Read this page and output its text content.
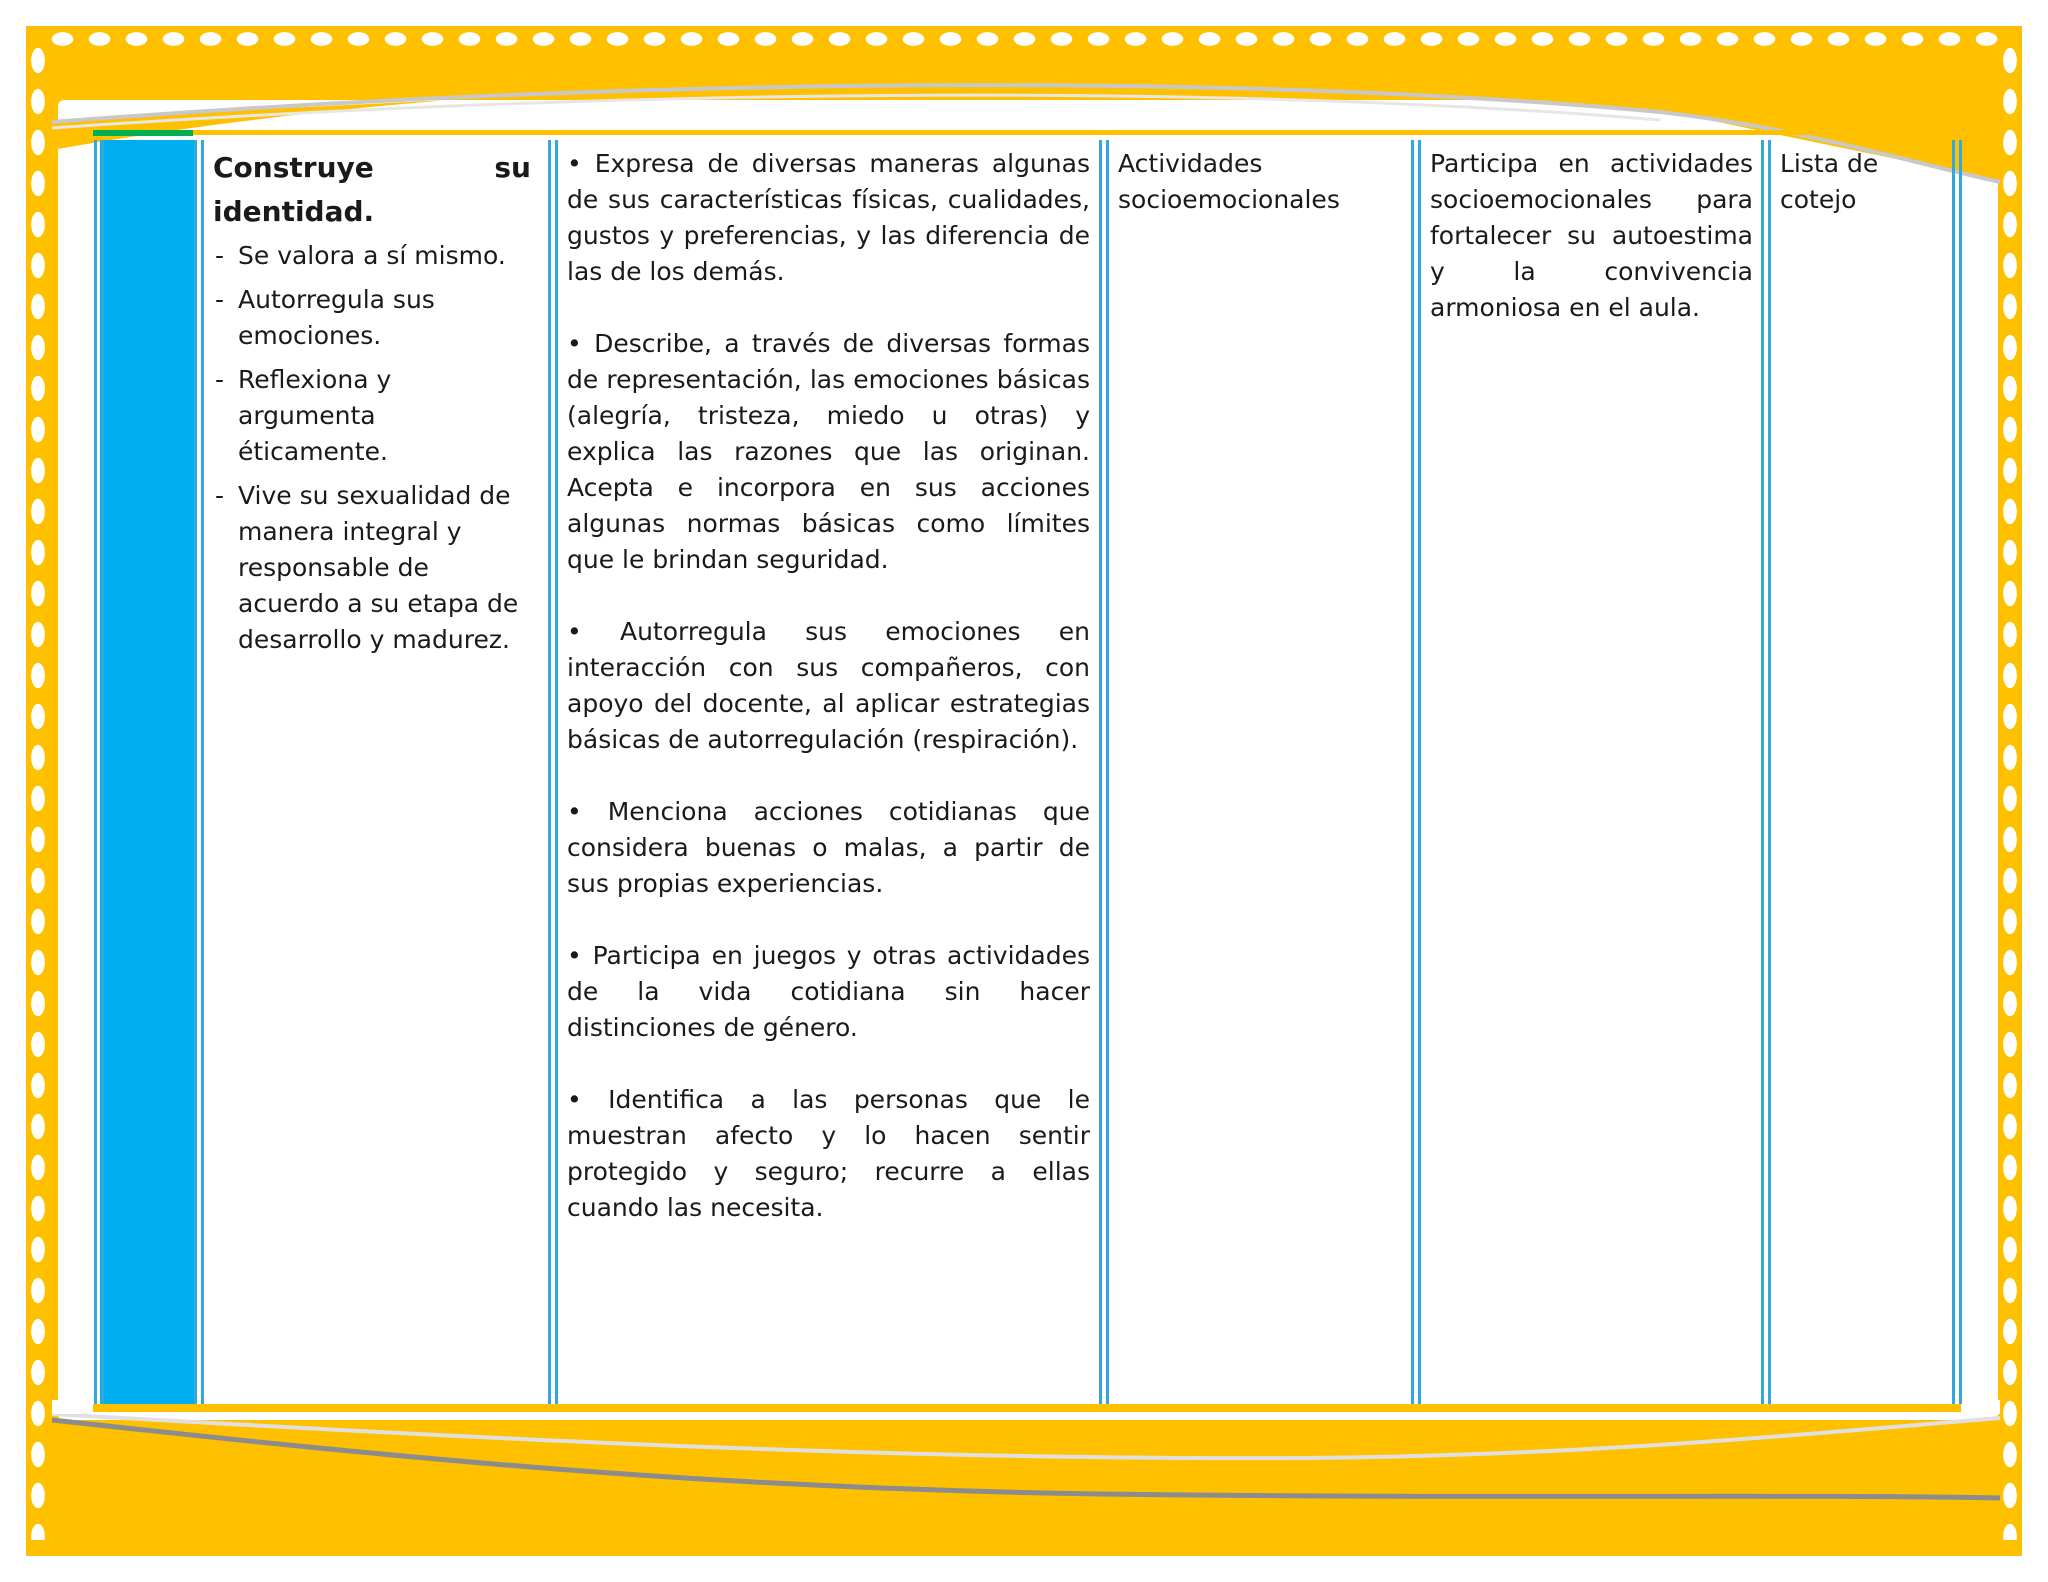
Construye su identidad.
- Se valora a sí mismo.
- Autorregula sus emociones.
- Reflexiona y argumenta éticamente.
- Vive su sexualidad de manera integral y responsable de acuerdo a su etapa de desarrollo y madurez.

• Expresa de diversas maneras algunas de sus características físicas, cualidades, gustos y preferencias, y las diferencia de las de los demás.

• Describe, a través de diversas formas de representación, las emociones básicas (alegría, tristeza, miedo u otras) y explica las razones que las originan. Acepta e incorpora en sus acciones algunas normas básicas como límites que le brindan seguridad.

• Autorregula sus emociones en interacción con sus compañeros, con apoyo del docente, al aplicar estrategias básicas de autorregulación (respiración).

• Menciona acciones cotidianas que considera buenas o malas, a partir de sus propias experiencias.

• Participa en juegos y otras actividades de la vida cotidiana sin hacer distinciones de género.

• Identifica a las personas que le muestran afecto y lo hacen sentir protegido y seguro; recurre a ellas cuando las necesita.

Actividades socioemocionales
Participa en actividades socioemocionales para fortalecer su autoestima y la convivencia armoniosa en el aula.
Lista de cotejo
